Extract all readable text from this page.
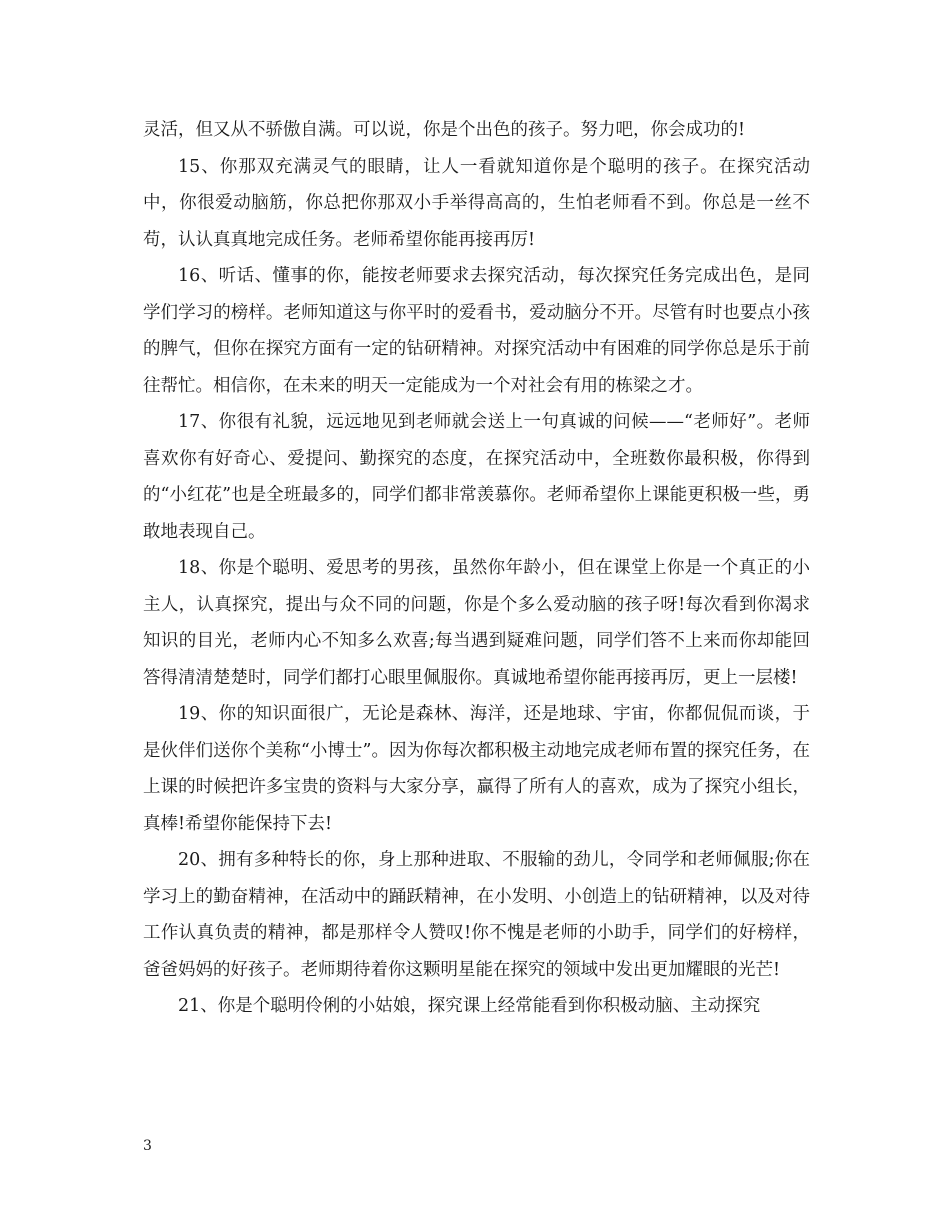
灵活，但又从不骄傲自满。可以说，你是个出色的孩子。努力吧，你会成功的!

15、你那双充满灵气的眼睛，让人一看就知道你是个聪明的孩子。在探究活动中，你很爱动脑筋，你总把你那双小手举得高高的，生怕老师看不到。你总是一丝不苟，认认真真地完成任务。老师希望你能再接再厉!

16、听话、懂事的你，能按老师要求去探究活动，每次探究任务完成出色，是同学们学习的榜样。老师知道这与你平时的爱看书，爱动脑分不开。尽管有时也要点小孩的脾气，但你在探究方面有一定的钻研精神。对探究活动中有困难的同学你总是乐于前往帮忙。相信你，在未来的明天一定能成为一个对社会有用的栋梁之才。

17、你很有礼貌，远远地见到老师就会送上一句真诚的问候——“老师好”。老师喜欢你有好奇心、爱提问、勤探究的态度，在探究活动中，全班数你最积极，你得到的“小红花”也是全班最多的，同学们都非常羡慕你。老师希望你上课能更积极一些，勇敢地表现自己。

18、你是个聪明、爱思考的男孩，虽然你年龄小，但在课堂上你是一个真正的小主人，认真探究，提出与众不同的问题，你是个多么爱动脑的孩子呀!每次看到你渴求知识的目光，老师内心不知多么欢喜;每当遇到疑难问题，同学们答不上来而你却能回答得清清楚楚时，同学们都打心眼里佩服你。真诚地希望你能再接再厉，更上一层楼!

19、你的知识面很广，无论是森林、海洋，还是地球、宇宙，你都侃侃而谈，于是伙伴们送你个美称“小博士”。因为你每次都积极主动地完成老师布置的探究任务，在上课的时候把许多宝贵的资料与大家分享，赢得了所有人的喜欢，成为了探究小组长，真棒!希望你能保持下去!

20、拥有多种特长的你，身上那种进取、不服输的劲儿，令同学和老师佩服;你在学习上的勤奋精神，在活动中的踊跃精神，在小发明、小创造上的钻研精神，以及对待工作认真负责的精神，都是那样令人赞叹!你不愧是老师的小助手，同学们的好榜样，爸爸妈妈的好孩子。老师期待着你这颗明星能在探究的领域中发出更加耀眼的光芒!

21、你是个聪明伶俐的小姑娘，探究课上经常能看到你积极动脑、主动探究

3
